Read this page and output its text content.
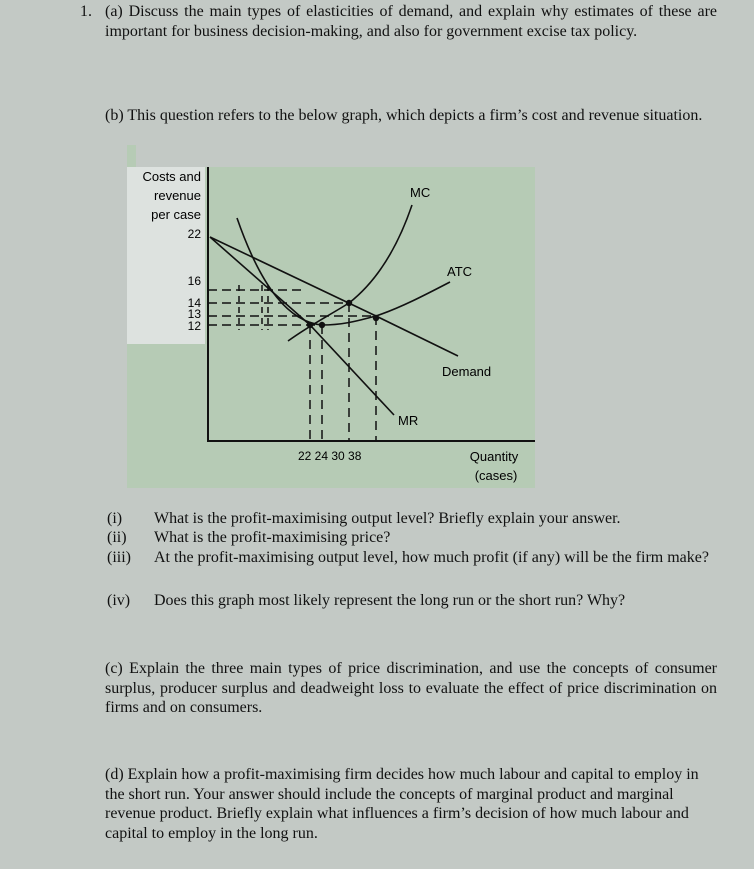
1. (a) Discuss the main types of elasticities of demand, and explain why estimates of these are important for business decision-making, and also for government excise tax policy.

(b) This question refers to the below graph, which depicts a firm’s cost and revenue situation.

Costs and
revenue
per case
22
16
14
13
12
MC
ATC
Demand
MR
22 24 30 38	Quantity
(cases)
(i) What is the profit-maximising output level? Briefly explain your answer.
(ii) What is the profit-maximising price?
(iii) At the profit-maximising output level, how much profit (if any) will be the firm make?
(iv) Does this graph most likely represent the long run or the short run? Why?

(c) Explain the three main types of price discrimination, and use the concepts of consumer surplus, producer surplus and deadweight loss to evaluate the effect of price discrimination on firms and on consumers.

(d) Explain how a profit-maximising firm decides how much labour and capital to employ in the short run. Your answer should include the concepts of marginal product and marginal revenue product. Briefly explain what influences a firm’s decision of how much labour and capital to employ in the long run.
